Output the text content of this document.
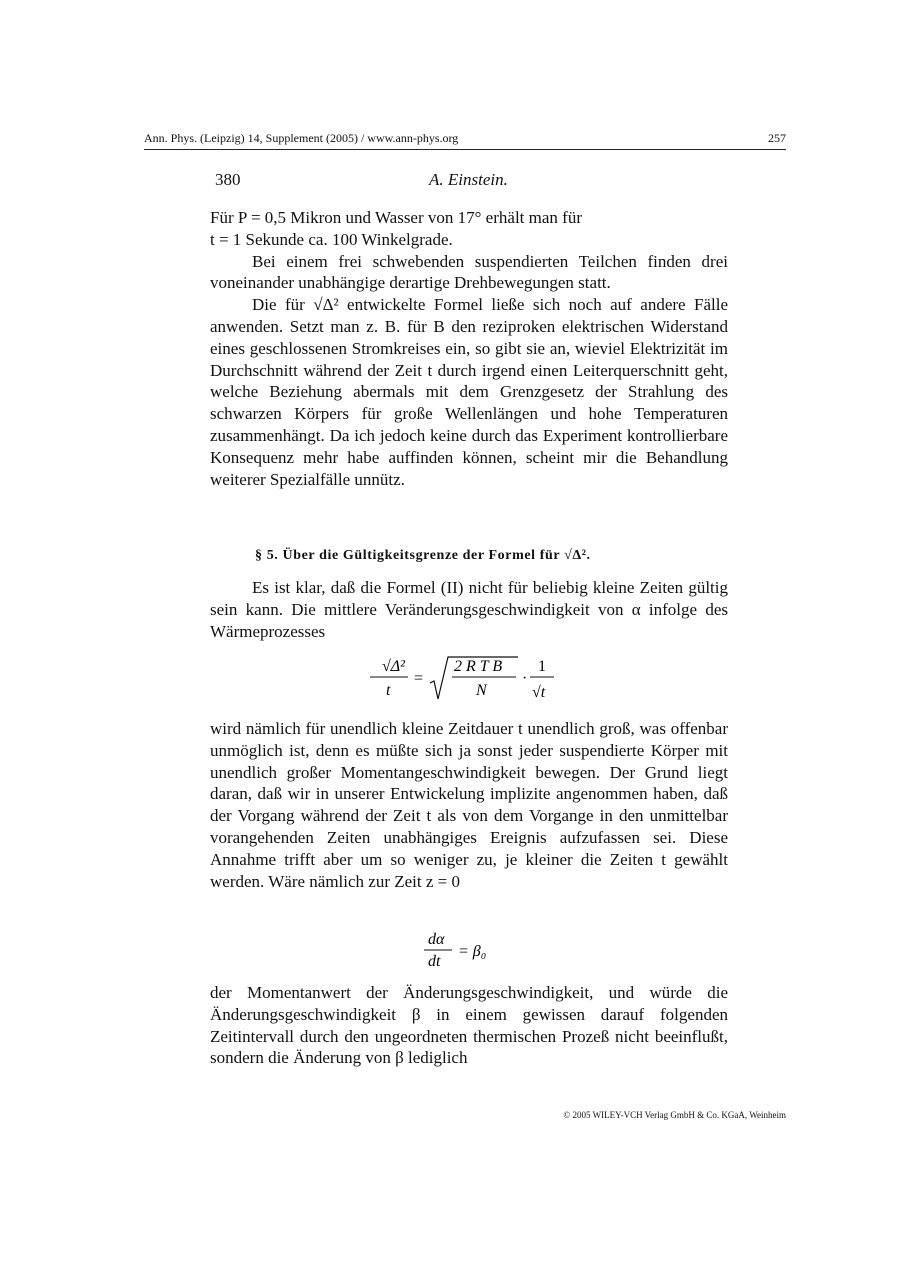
Ann. Phys. (Leipzig) 14, Supplement (2005) / www.ann-phys.org	257
380	A. Einstein.

Für P = 0,5 Mikron und Wasser von 17° erhält man für

t = 1 Sekunde ca. 100 Winkelgrade.

Bei einem frei schwebenden suspendierten Teilchen finden drei voneinander unabhängige derartige Drehbewegungen statt.

Die für √Δ² entwickelte Formel ließe sich noch auf andere Fälle anwenden. Setzt man z. B. für B den reziproken elektrischen Widerstand eines geschlossenen Stromkreises ein, so gibt sie an, wieviel Elektrizität im Durchschnitt während der Zeit t durch irgend einen Leiterquerschnitt geht, welche Beziehung abermals mit dem Grenzgesetz der Strahlung des schwarzen Körpers für große Wellenlängen und hohe Temperaturen zusammenhängt. Da ich jedoch keine durch das Experiment kontrollierbare Konsequenz mehr habe auffinden können, scheint mir die Behandlung weiterer Spezialfälle unnütz.

§ 5. Über die Gültigkeitsgrenze der Formel für √Δ².

Es ist klar, daß die Formel (II) nicht für beliebig kleine Zeiten gültig sein kann. Die mittlere Veränderungsgeschwindigkeit von α infolge des Wärmeprozesses

√Δ²
t
=
2 R T B
N
·
1
√t

wird nämlich für unendlich kleine Zeitdauer t unendlich groß, was offenbar unmöglich ist, denn es müßte sich ja sonst jeder suspendierte Körper mit unendlich großer Momentangeschwindigkeit bewegen. Der Grund liegt daran, daß wir in unserer Entwickelung implizite angenommen haben, daß der Vorgang während der Zeit t als von dem Vorgange in den unmittelbar vorangehenden Zeiten unabhängiges Ereignis aufzufassen sei. Diese Annahme trifft aber um so weniger zu, je kleiner die Zeiten t gewählt werden. Wäre nämlich zur Zeit z = 0

dα
dt
= β₀

der Momentanwert der Änderungsgeschwindigkeit, und würde die Änderungsgeschwindigkeit β in einem gewissen darauf folgenden Zeitintervall durch den ungeordneten thermischen Prozeß nicht beeinflußt, sondern die Änderung von β lediglich

© 2005 WILEY-VCH Verlag GmbH & Co. KGaA, Weinheim
